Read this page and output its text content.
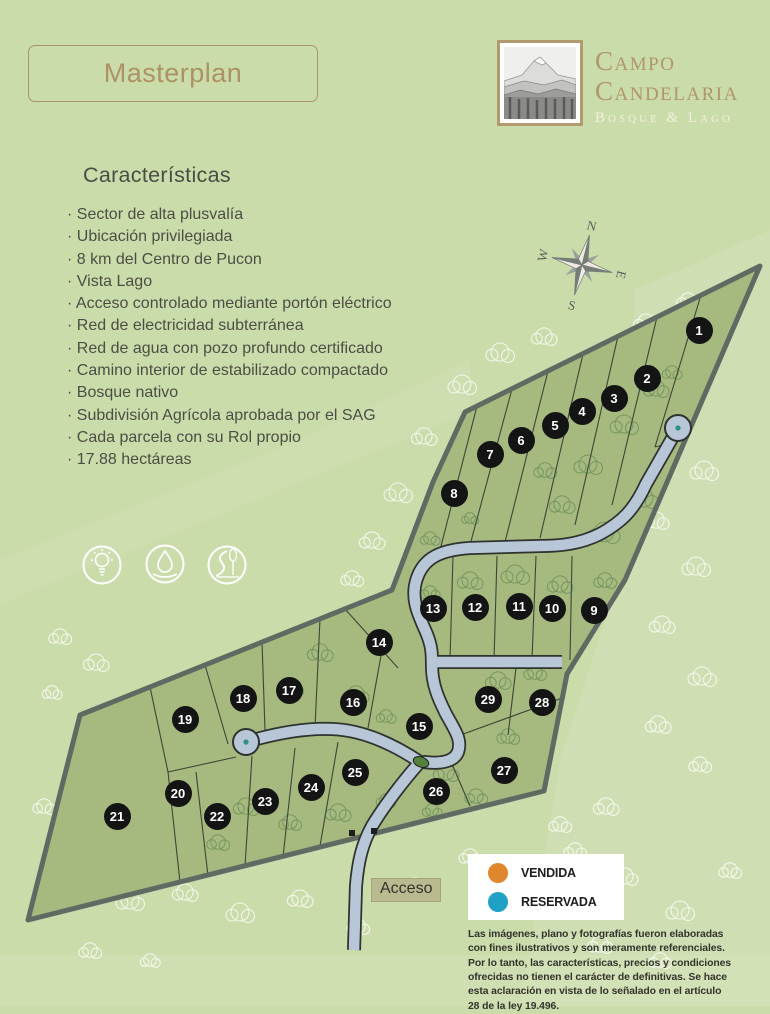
N
E
S
W
Masterplan	Campo
Candelaria
Bosque & Lago
Características
· Sector de alta plusvalía
· Ubicación privilegiada
· 8 km del Centro de Pucon
· Vista Lago
· Acceso controlado mediante portón eléctrico
· Red de electricidad subterránea
· Red de agua con pozo profundo certificado
· Camino interior de estabilizado compactado
· Bosque nativo
· Subdivisión Agrícola aprobada por el SAG
· Cada parcela con su Rol propio
· 17.88 hectáreas
1
2
3
4
5
6
7
8
9
10
11
12
13
14
15
16
17
18
19
20
21	22
23
24
25
26
27
28
29
Acceso
VENDIDA
RESERVADA
Las imágenes, plano y fotografías fueron elaboradas con fines ilustrativos y son meramente referenciales. Por lo tanto, las características, precios y condiciones ofrecidas no tienen el carácter de definitivas. Se hace esta aclaración en vista de lo señalado en el artículo 28 de la ley 19.496.
